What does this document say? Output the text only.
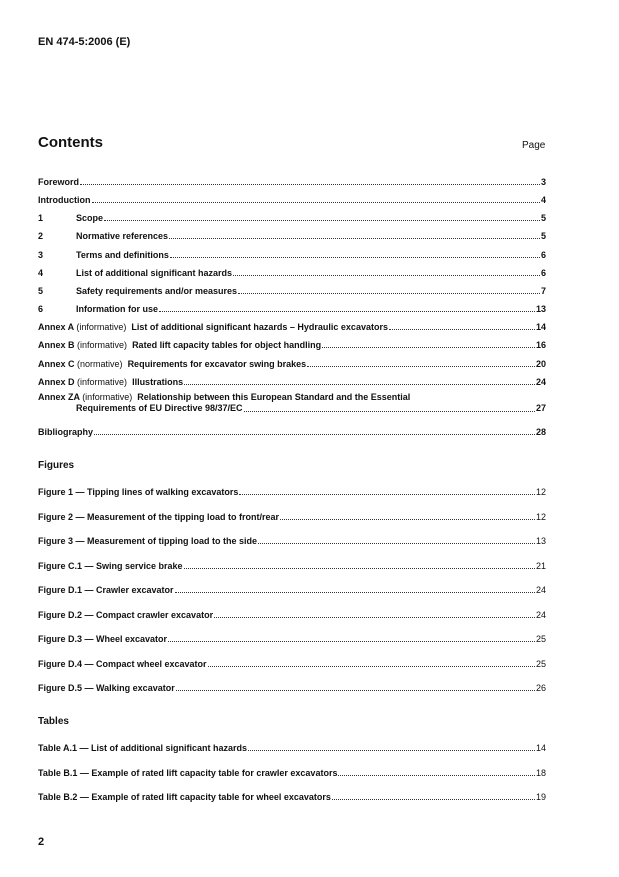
EN 474-5:2006 (E)
Contents	Page
Foreword	3
Introduction	4
1	Scope	5
2	Normative references	5
3	Terms and definitions	6
4	List of additional significant hazards	6
5	Safety requirements and/or measures	7
6	Information for use	13
Annex A (informative) List of additional significant hazards – Hydraulic excavators	14
Annex B (informative) Rated lift capacity tables for object handling	16
Annex C (normative) Requirements for excavator swing brakes	20
Annex D (informative) Illustrations	24
Annex ZA (informative) Relationship between this European Standard and the Essential
Requirements of EU Directive 98/37/EC	27
Bibliography	28
Figures
Figure 1 — Tipping lines of walking excavators	12
Figure 2 — Measurement of the tipping load to front/rear	12
Figure 3 — Measurement of tipping load to the side	13
Figure C.1 — Swing service brake	21
Figure D.1 — Crawler excavator	24
Figure D.2 — Compact crawler excavator	24
Figure D.3 — Wheel excavator	25
Figure D.4 — Compact wheel excavator	25
Figure D.5 — Walking excavator	26
Tables
Table A.1 — List of additional significant hazards	14
Table B.1 — Example of rated lift capacity table for crawler excavators	18
Table B.2 — Example of rated lift capacity table for wheel excavators	19
2
